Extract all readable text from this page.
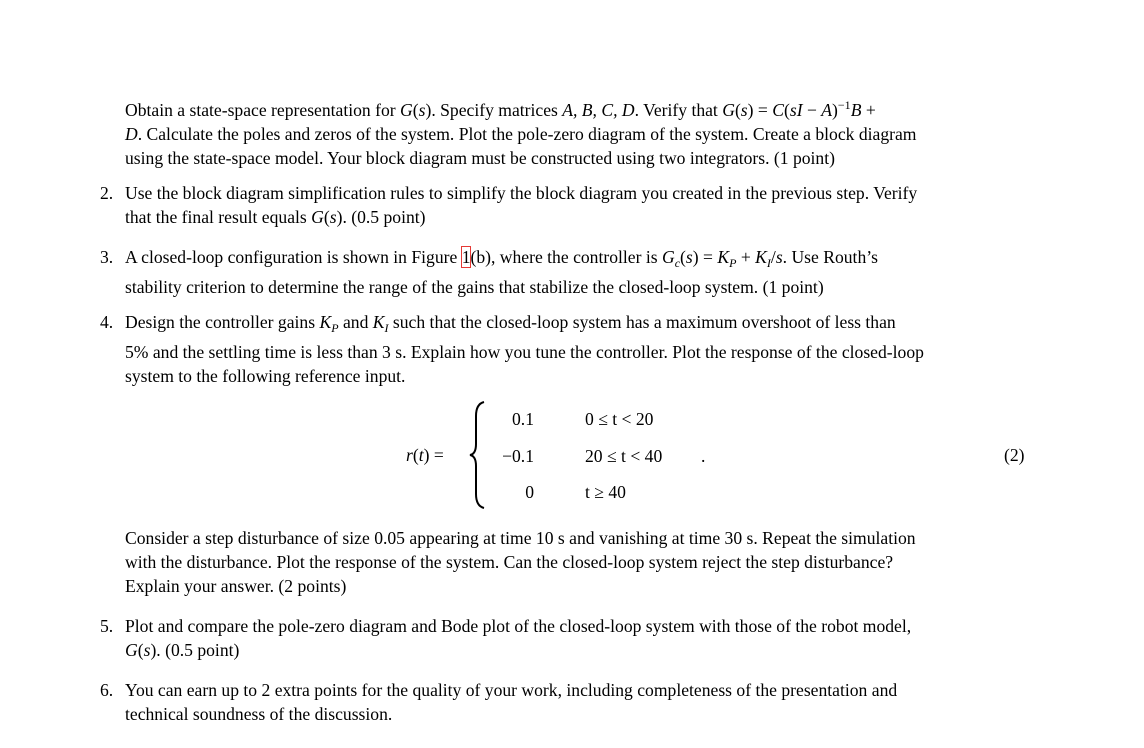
Obtain a state-space representation for G(s). Specify matrices A, B, C, D. Verify that G(s) = C(sI − A)$^{-1}$B +
D. Calculate the poles and zeros of the system. Plot the pole-zero diagram of the system. Create a block diagram
using the state-space model. Your block diagram must be constructed using two integrators. (1 point)
2. Use the block diagram simplification rules to simplify the block diagram you created in the previous step. Verify
that the final result equals G(s). (0.5 point)
3. A closed-loop configuration is shown in Figure 1(b), where the controller is $G_c(s) = K_P + K_I/s$. Use Routh’s
stability criterion to determine the range of the gains that stabilize the closed-loop system. (1 point)
4. Design the controller gains $K_P$ and $K_I$ such that the closed-loop system has a maximum overshoot of less than
5% and the settling time is less than 3 s. Explain how you tune the controller. Plot the response of the closed-loop
system to the following reference input.
r(t) =
0.1
−0.1
0
0 ≤ t < 20
20 ≤ t < 40
t ≥ 40
.	(2)
Consider a step disturbance of size 0.05 appearing at time 10 s and vanishing at time 30 s. Repeat the simulation
with the disturbance. Plot the response of the system. Can the closed-loop system reject the step disturbance?
Explain your answer. (2 points)
5. Plot and compare the pole-zero diagram and Bode plot of the closed-loop system with those of the robot model,
G(s). (0.5 point)
6. You can earn up to 2 extra points for the quality of your work, including completeness of the presentation and
technical soundness of the discussion.
